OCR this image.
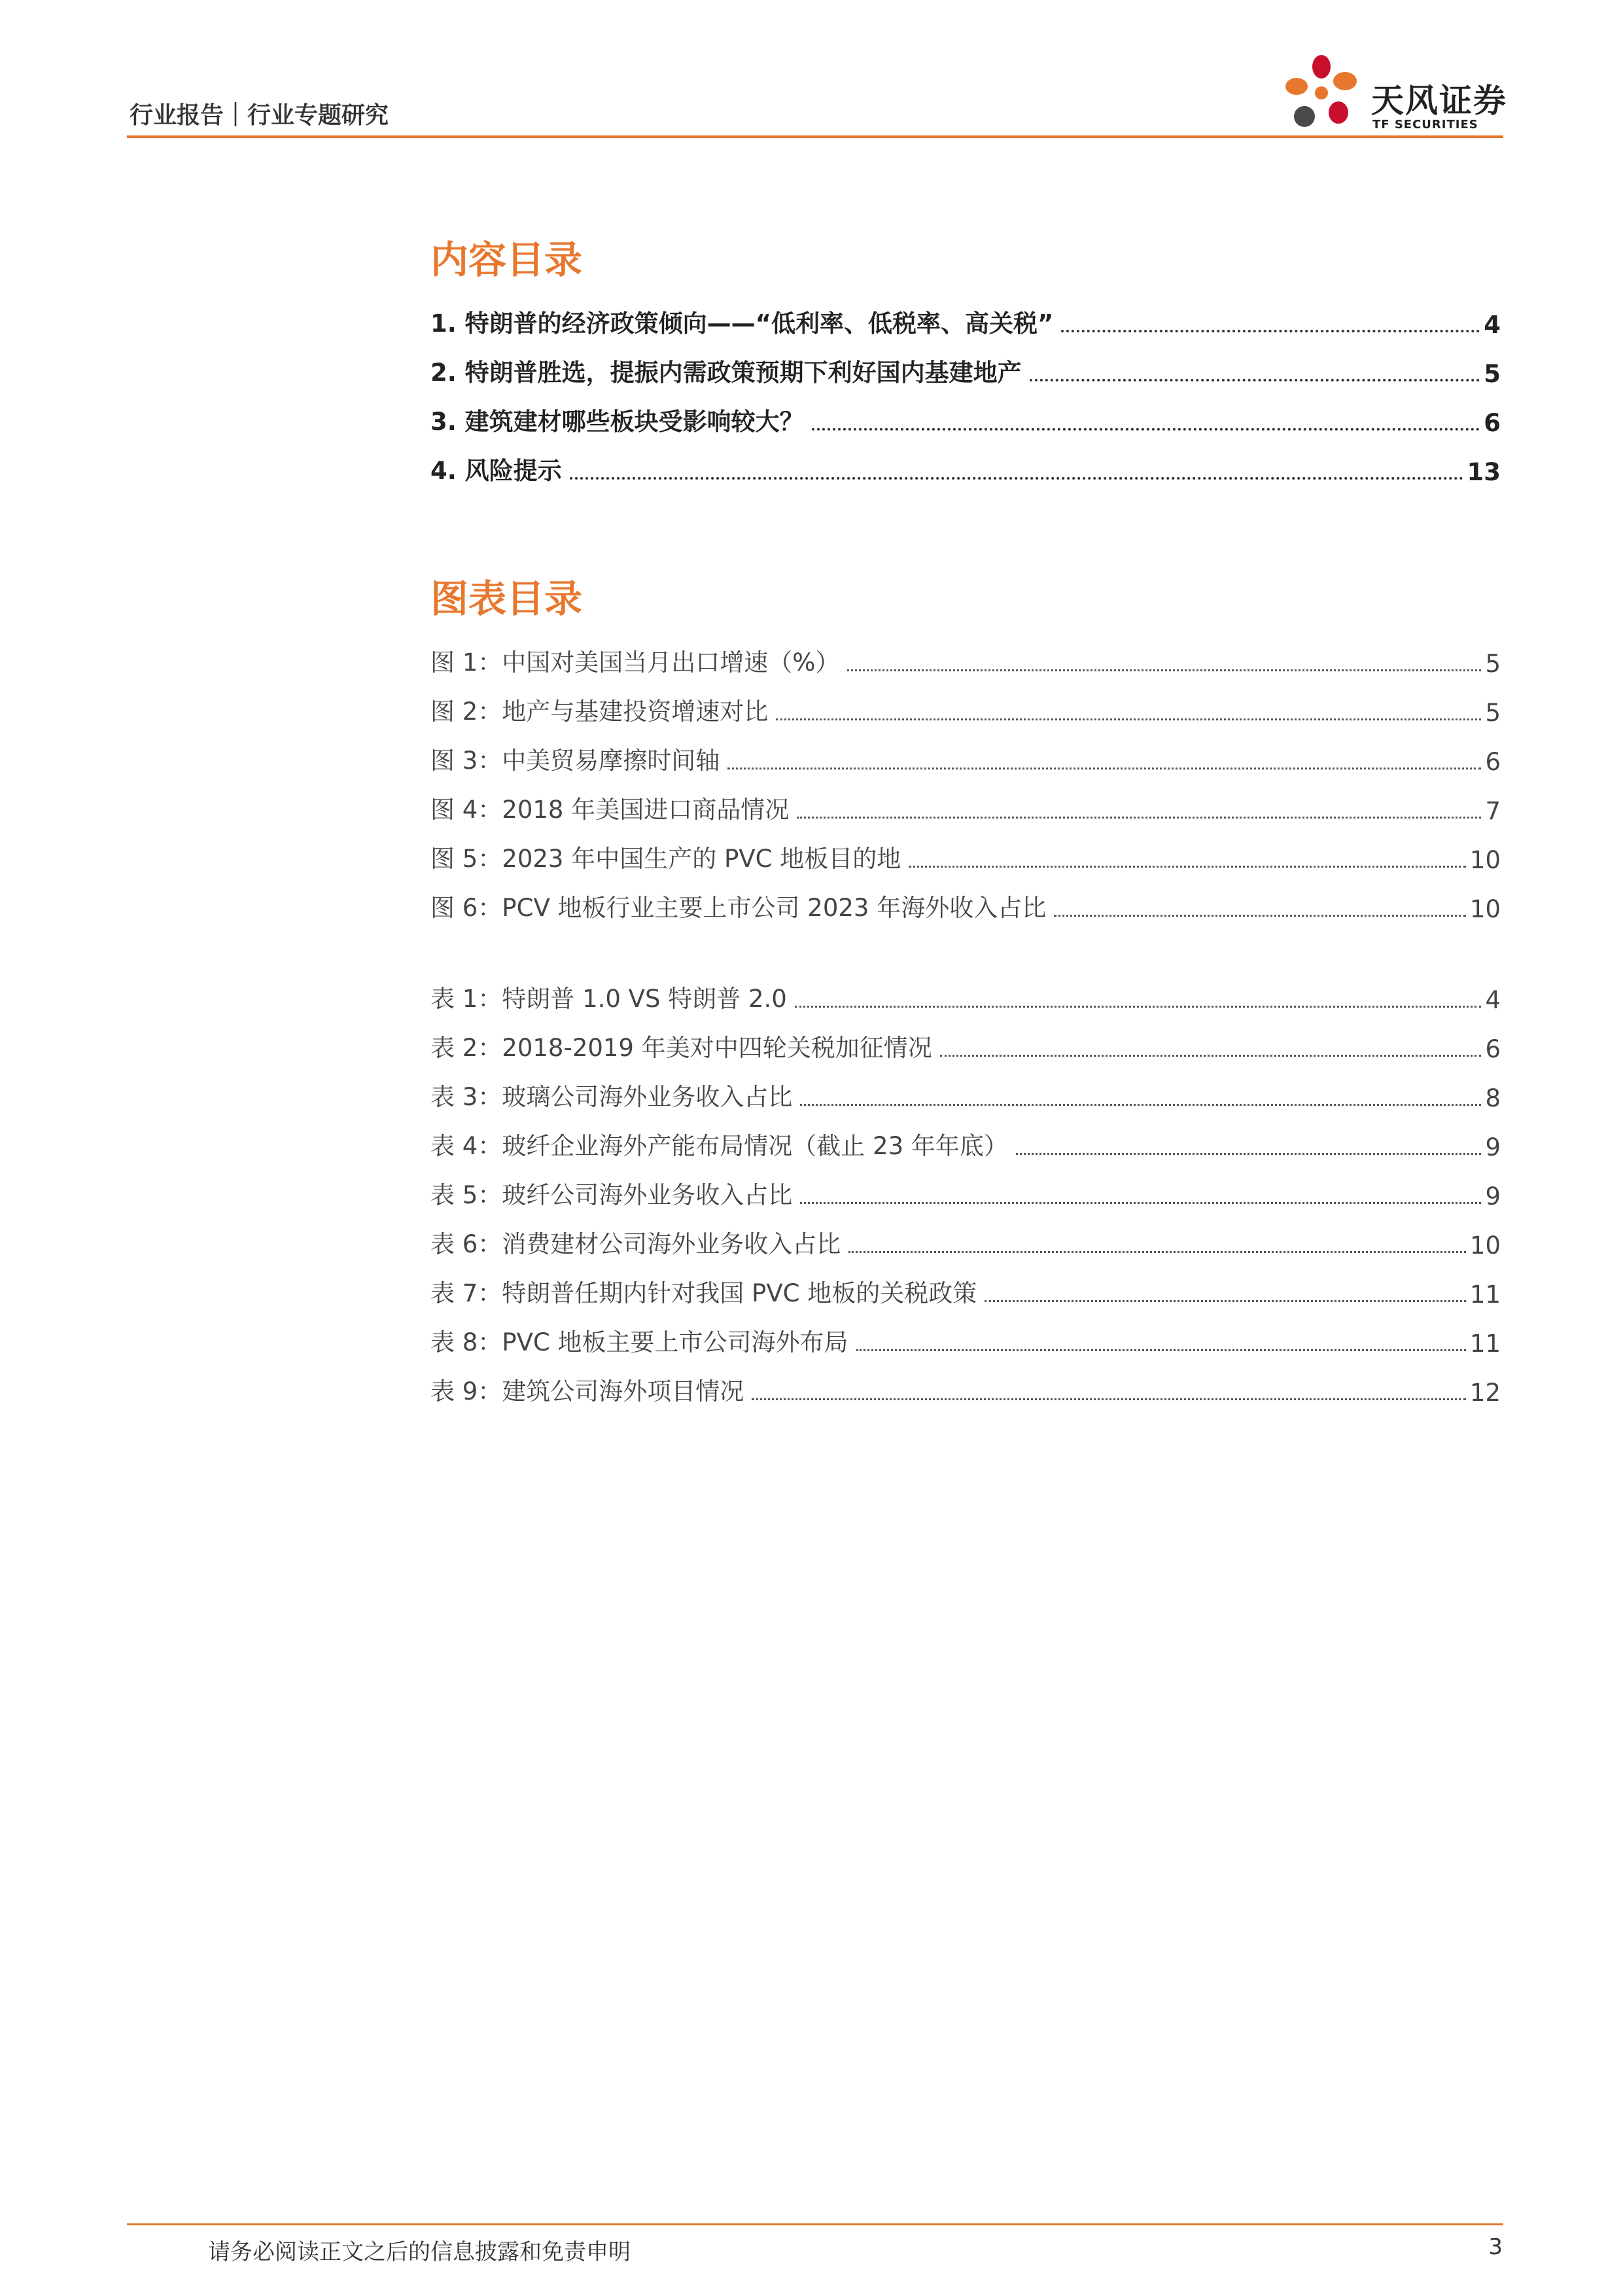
行业报告｜行业专题研究	天风证券
TF SECURITIES
内容目录
1. 特朗普的经济政策倾向——“低利率、低税率、高关税”	4
2. 特朗普胜选，提振内需政策预期下利好国内基建地产	5
3. 建筑建材哪些板块受影响较大？	6
4. 风险提示	13
图表目录
图 1：中国对美国当月出口增速（%）	5
图 2：地产与基建投资增速对比	5
图 3：中美贸易摩擦时间轴	6
图 4：2018 年美国进口商品情况	7
图 5：2023 年中国生产的 PVC 地板目的地	10
图 6：PCV 地板行业主要上市公司 2023 年海外收入占比	10
表 1：特朗普 1.0 VS 特朗普 2.0	4
表 2：2018-2019 年美对中四轮关税加征情况	6
表 3：玻璃公司海外业务收入占比	8
表 4：玻纤企业海外产能布局情况（截止 23 年年底）	9
表 5：玻纤公司海外业务收入占比	9
表 6：消费建材公司海外业务收入占比	10
表 7：特朗普任期内针对我国 PVC 地板的关税政策	11
表 8：PVC 地板主要上市公司海外布局	11
表 9：建筑公司海外项目情况	12
请务必阅读正文之后的信息披露和免责申明	3
